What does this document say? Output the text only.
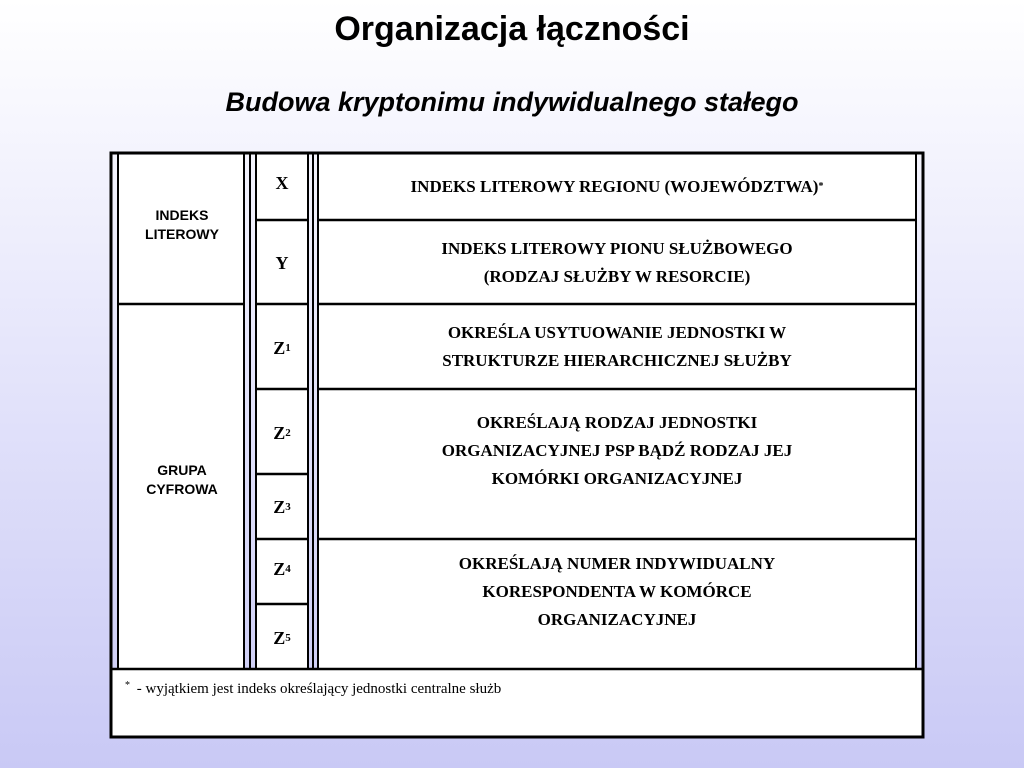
Organizacja łączności
Budowa kryptonimu indywidualnego stałego
INDEKS LITEROWY
GRUPA CYFROWA
X
Y
Z 1
Z 2
Z 3
Z 4
Z 5
INDEKS LITEROWY REGIONU (WOJEWÓDZTWA) *
INDEKS LITEROWY PIONU SŁUŻBOWEGO
(RODZAJ SŁUŻBY W RESORCIE)
OKREŚLA USYTUOWANIE JEDNOSTKI W
STRUKTURZE HIERARCHICZNEJ SŁUŻBY
OKREŚLAJĄ RODZAJ JEDNOSTKI
ORGANIZACYJNEJ PSP BĄDŹ RODZAJ JEJ
KOMÓRKI ORGANIZACYJNEJ
OKREŚLAJĄ NUMER INDYWIDUALNY
KORESPONDENTA W KOMÓRCE
ORGANIZACYJNEJ
* - wyjątkiem jest indeks określający jednostki centralne służb
